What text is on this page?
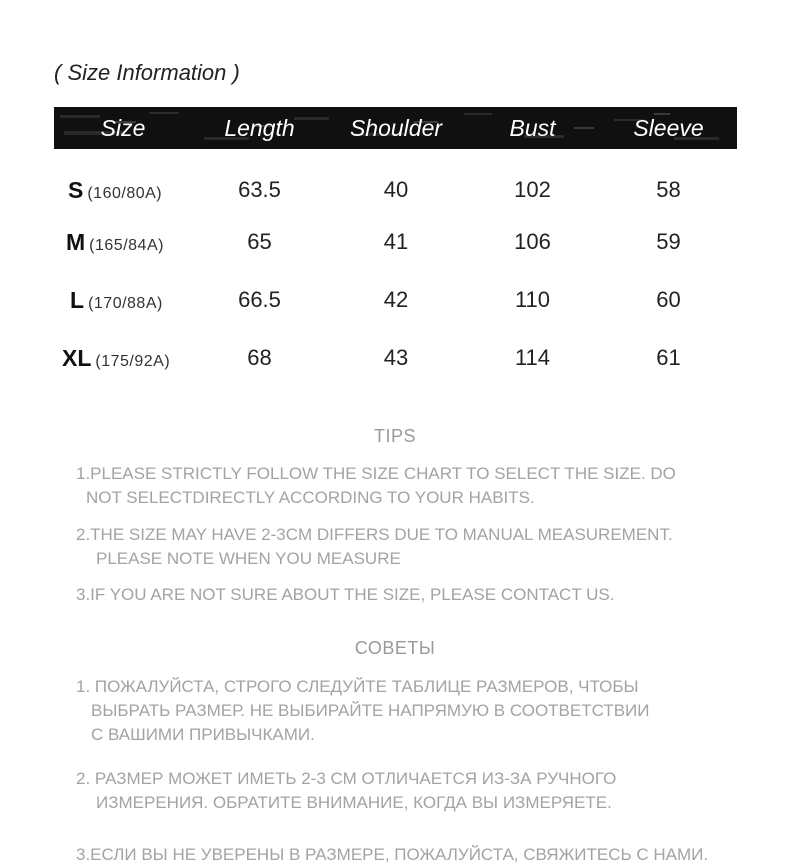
( Size Information )
Size	Length	Shoulder	Bust	Sleeve
S (160/80A)	63.5	40	102	58
M (165/84A)	65	41	106	59
L (170/88A)	66.5	42	110	60
XL (175/92A)	68	43	114	61
TIPS
1.PLEASE STRICTLY FOLLOW THE SIZE CHART TO SELECT THE SIZE. DO
NOT SELECTDIRECTLY ACCORDING TO YOUR HABITS.
2.THE SIZE MAY HAVE 2-3CM DIFFERS DUE TO MANUAL MEASUREMENT.
PLEASE NOTE WHEN YOU MEASURE
3.IF YOU ARE NOT SURE ABOUT THE SIZE, PLEASE CONTACT US.
СОВЕТЫ
1. ПОЖАЛУЙСТА, СТРОГО СЛЕДУЙТЕ ТАБЛИЦЕ РАЗМЕРОВ, ЧТОБЫ
ВЫБРАТЬ РАЗМЕР. НЕ ВЫБИРАЙТЕ НАПРЯМУЮ В СООТВЕТСТВИИ
С ВАШИМИ ПРИВЫЧКАМИ.
2. РАЗМЕР МОЖЕТ ИМЕТЬ 2-3 СМ ОТЛИЧАЕТСЯ ИЗ-ЗА РУЧНОГО
ИЗМЕРЕНИЯ. ОБРАТИТЕ ВНИМАНИЕ, КОГДА ВЫ ИЗМЕРЯЕТЕ.
3.ЕСЛИ ВЫ НЕ УВЕРЕНЫ В РАЗМЕРЕ, ПОЖАЛУЙСТА, СВЯЖИТЕСЬ С НАМИ.
